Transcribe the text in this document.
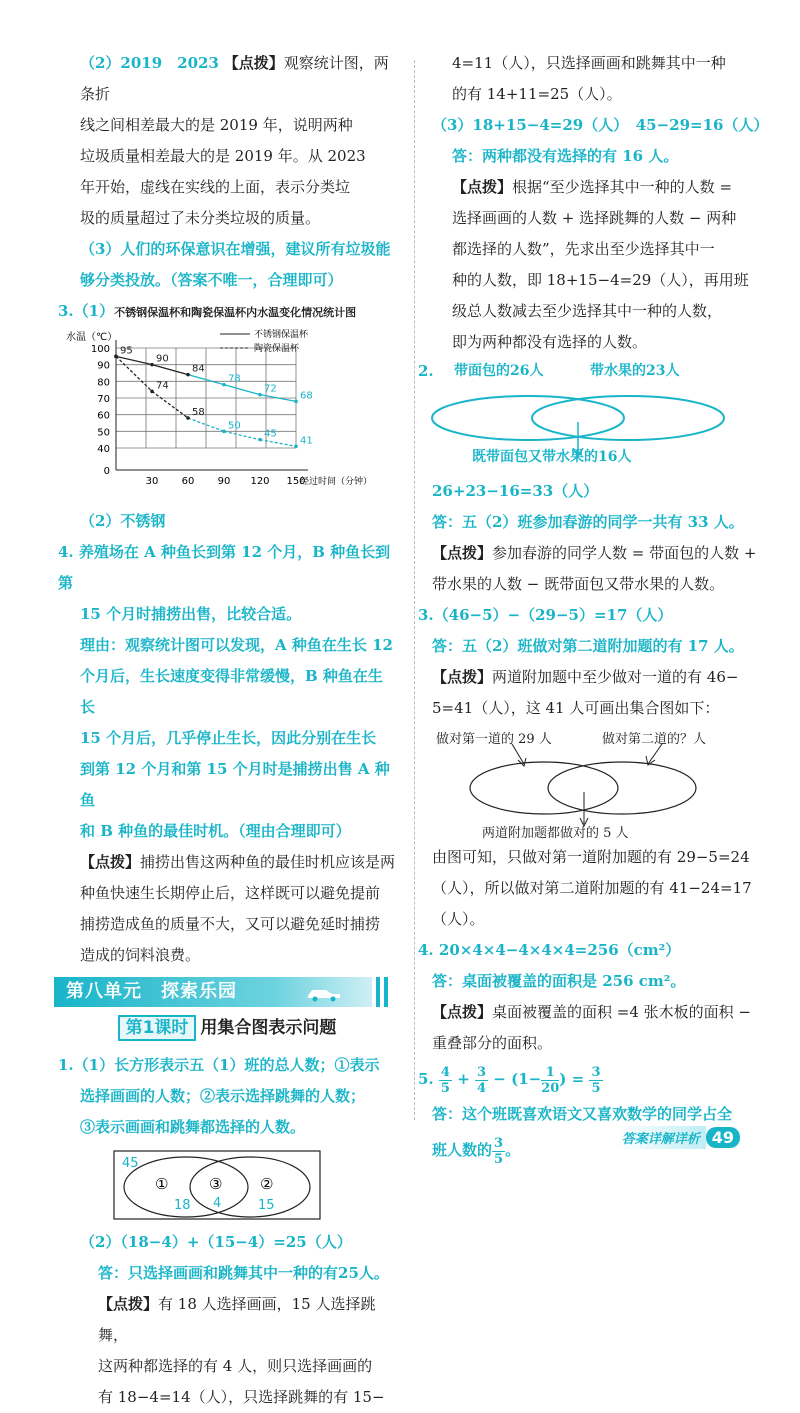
（2）2019　2023 【点拨】观察统计图，两条折

线之间相差最大的是 2019 年，说明两种

垃圾质量相差最大的是 2019 年。从 2023

年开始，虚线在实线的上面，表示分类垃

圾的质量超过了未分类垃圾的质量。

（3）人们的环保意识在增强，建议所有垃圾能

够分类投放。（答案不唯一，合理即可）

3.（1）不锈钢保温杯和陶瓷保温杯内水温变化情况统计图

水温（℃）
0
40
50
60
70
80
90
100
30 60 90 120 150
经过时间（分钟）
不锈钢保温杯
陶瓷保温杯
95
90
84
78
72
68
74
58
50
45
41

（2）不锈钢

4. 养殖场在 A 种鱼长到第 12 个月，B 种鱼长到第

15 个月时捕捞出售，比较合适。

理由：观察统计图可以发现，A 种鱼在生长 12

个月后，生长速度变得非常缓慢，B 种鱼在生长

15 个月后，几乎停止生长，因此分别在生长

到第 12 个月和第 15 个月时是捕捞出售 A 种鱼

和 B 种鱼的最佳时机。（理由合理即可）

【点拨】捕捞出售这两种鱼的最佳时机应该是两

种鱼快速生长期停止后，这样既可以避免提前

捕捞造成鱼的质量不大，又可以避免延时捕捞

造成的饲料浪费。

第八单元　探索乐园
第1课时 用集合图表示问题

1.（1）长方形表示五（1）班的总人数；①表示

选择画画的人数；②表示选择跳舞的人数；

③表示画画和跳舞都选择的人数。

45
①	③	②
18 4	15

（2）（18−4）+（15−4）=25（人）

答：只选择画画和跳舞其中一种的有25人。

【点拨】有 18 人选择画画，15 人选择跳舞，

这两种都选择的有 4 人，则只选择画画的

有 18−4=14（人），只选择跳舞的有 15−

4=11（人），只选择画画和跳舞其中一种

的有 14+11=25（人）。

（3）18+15−4=29（人）　45−29=16（人）

答：两种都没有选择的有 16 人。

【点拨】根据“至少选择其中一种的人数 =

选择画画的人数 + 选择跳舞的人数 − 两种

都选择的人数”，先求出至少选择其中一

种的人数，即 18+15−4=29（人），再用班

级总人数减去至少选择其中一种的人数，

即为两种都没有选择的人数。

2. 带面包的26人	带水果的23人
既带面包又带水果的16人

26+23−16=33（人）

答：五（2）班参加春游的同学一共有 33 人。

【点拨】参加春游的同学人数 = 带面包的人数 +

带水果的人数 − 既带面包又带水果的人数。

3.（46−5）−（29−5）=17（人）

答：五（2）班做对第二道附加题的有 17 人。

【点拨】两道附加题中至少做对一道的有 46−

5=41（人），这 41 人可画出集合图如下：

做对第一道的 29 人	做对第二道的？人
两道附加题都做对的 5 人

由图可知，只做对第一道附加题的有 29−5=24

（人），所以做对第二道附加题的有 41−24=17

（人）。

4. 20×4×4−4×4×4=256（cm²）

答：桌面被覆盖的面积是 256 cm²。

【点拨】桌面被覆盖的面积 =4 张木板的面积 −

重叠部分的面积。

5. $\frac{4}{5} + \frac{3}{4} - (1- \frac{1}{20}$ ) = $\frac{3}{5}$

答：这个班既喜欢语文又喜欢数学的同学占全

班人数的 $\frac{3}{5}$ 。

答案详解详析 49
